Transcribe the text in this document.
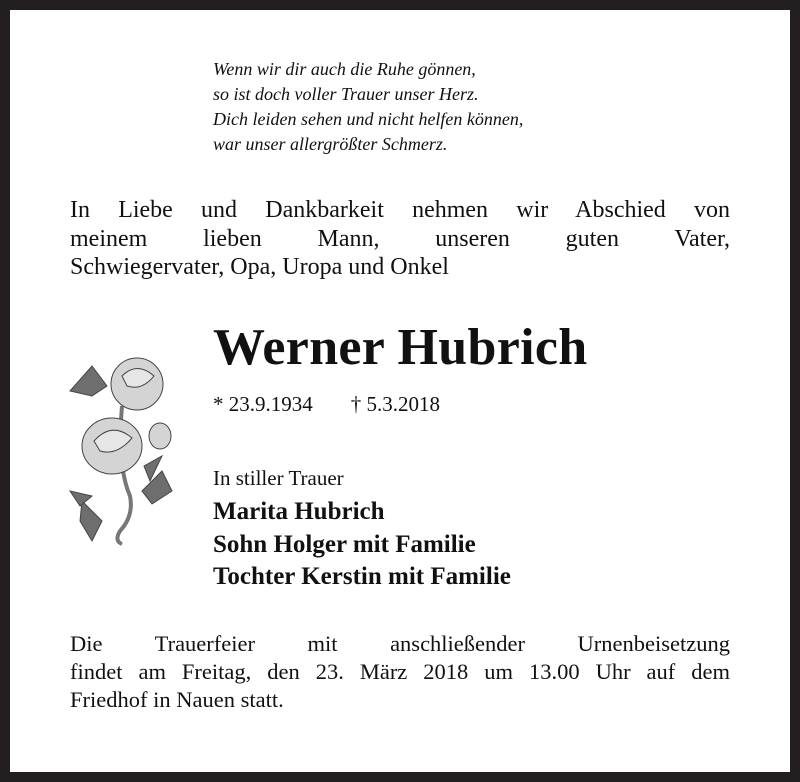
Wenn wir dir auch die Ruhe gönnen,
so ist doch voller Trauer unser Herz.
Dich leiden sehen und nicht helfen können,
war unser allergrößter Schmerz.
In Liebe und Dankbarkeit nehmen wir Abschied von
meinem lieben Mann, unseren guten Vater,
Schwiegervater, Opa, Uropa und Onkel
Werner Hubrich
* 23.9.1934 † 5.3.2018
In stiller Trauer
Marita Hubrich
Sohn Holger mit Familie
Tochter Kerstin mit Familie
Die Trauerfeier mit anschließender Urnenbeisetzung
findet am Freitag, den 23. März 2018 um 13.00 Uhr auf dem
Friedhof in Nauen statt.
